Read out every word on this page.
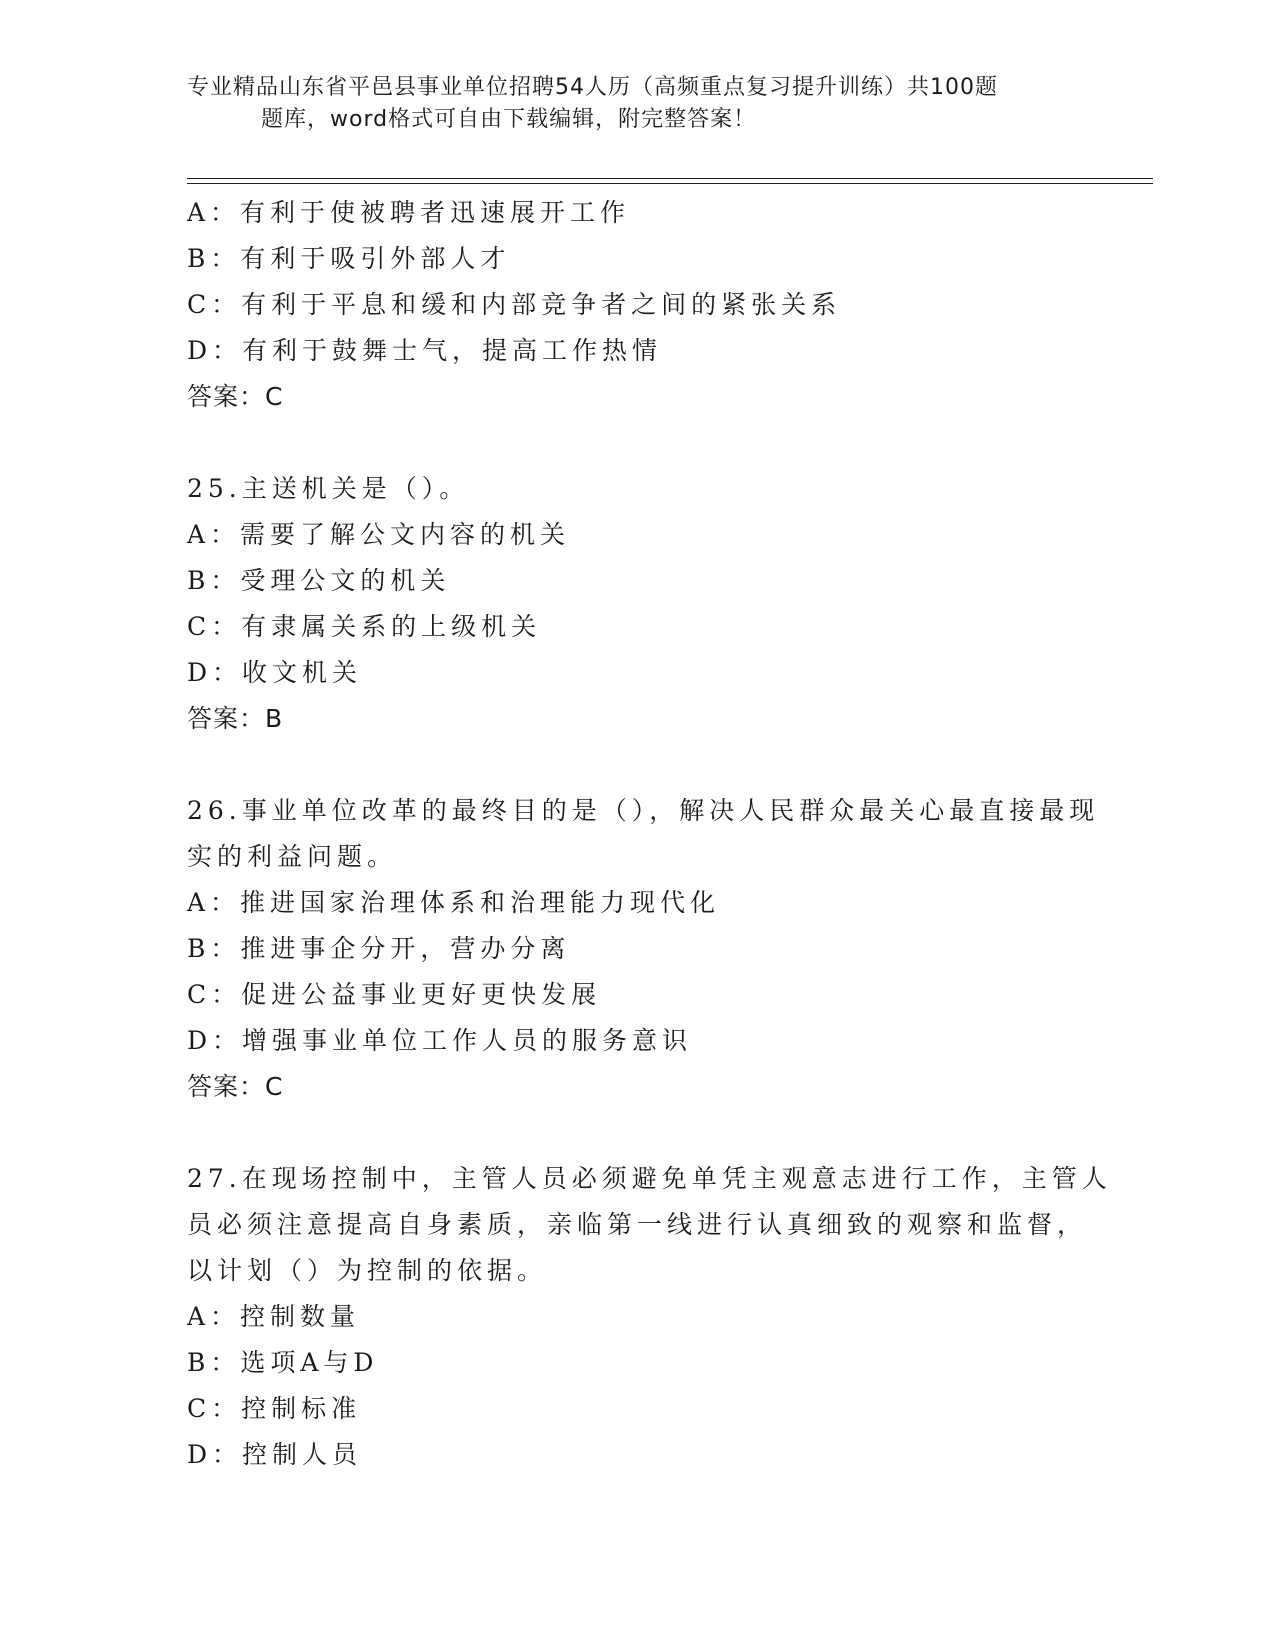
专业精品山东省平邑县事业单位招聘54人历（高频重点复习提升训练）共100题
题库，word格式可自由下载编辑，附完整答案！
A：有利于使被聘者迅速展开工作
B：有利于吸引外部人才
C：有利于平息和缓和内部竞争者之间的紧张关系
D：有利于鼓舞士气，提高工作热情
答案：C
25.主送机关是（）。
A：需要了解公文内容的机关
B：受理公文的机关
C：有隶属关系的上级机关
D：收文机关
答案：B
26.事业单位改革的最终目的是（），解决人民群众最关心最直接最现
实的利益问题。
A：推进国家治理体系和治理能力现代化
B：推进事企分开，营办分离
C：促进公益事业更好更快发展
D：增强事业单位工作人员的服务意识
答案：C
27.在现场控制中，主管人员必须避免单凭主观意志进行工作，主管人
员必须注意提高自身素质，亲临第一线进行认真细致的观察和监督，
以计划（）为控制的依据。
A：控制数量
B：选项A与D
C：控制标准
D：控制人员
